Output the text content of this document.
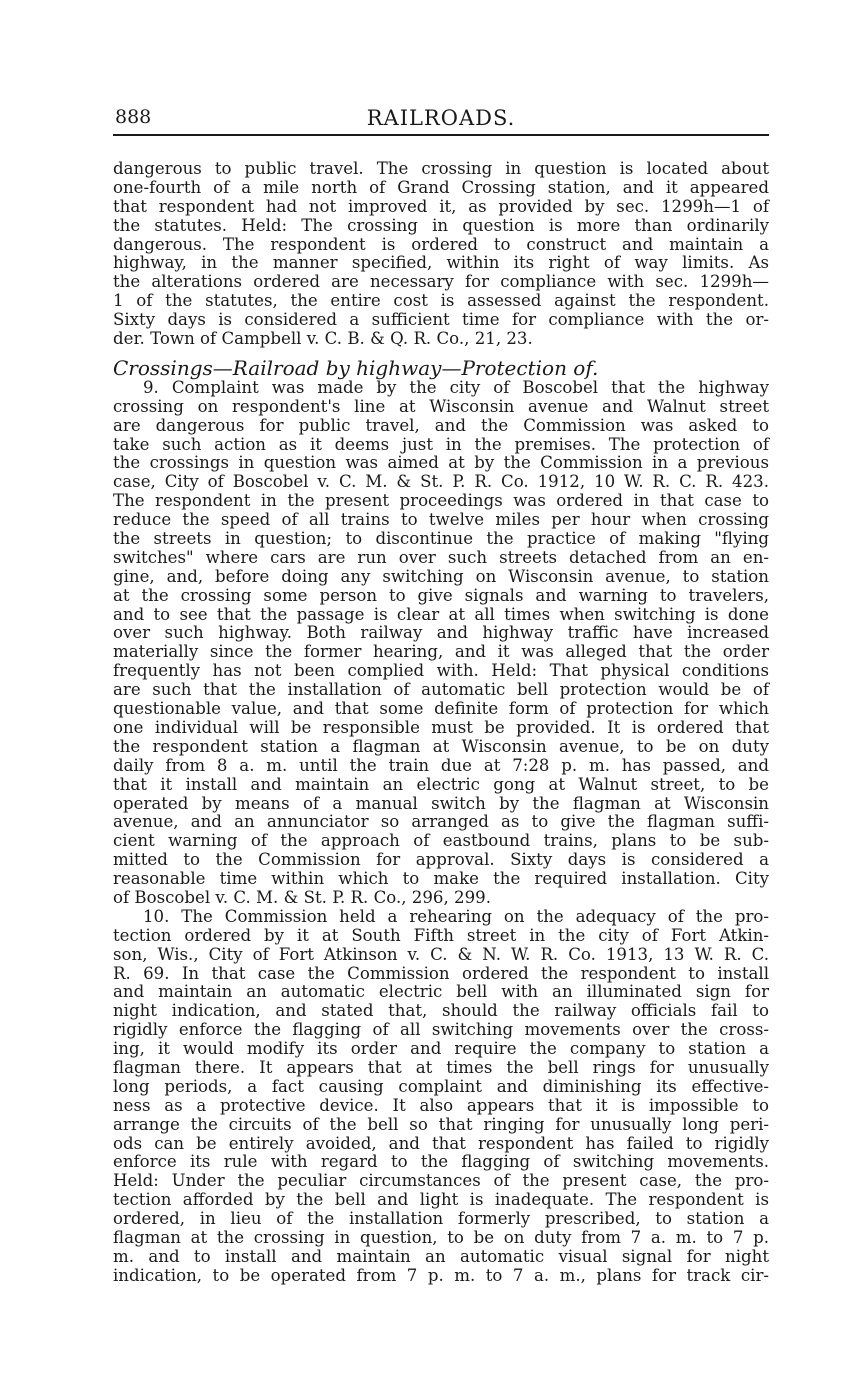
888	RAILROADS.
dangerous to public travel. The crossing in question is located about
one-fourth of a mile north of Grand Crossing station, and it appeared
that respondent had not improved it, as provided by sec. 1299h—1 of
the statutes. Held: The crossing in question is more than ordinarily
dangerous. The respondent is ordered to construct and maintain a
highway, in the manner specified, within its right of way limits. As
the alterations ordered are necessary for compliance with sec. 1299h—
1 of the statutes, the entire cost is assessed against the respondent.
Sixty days is considered a sufficient time for compliance with the or-
der. Town of Campbell v. C. B. & Q. R. Co., 21, 23.
Crossings—Railroad by highway—Protection of.
9. Complaint was made by the city of Boscobel that the highway
crossing on respondent's line at Wisconsin avenue and Walnut street
are dangerous for public travel, and the Commission was asked to
take such action as it deems just in the premises. The protection of
the crossings in question was aimed at by the Commission in a previous
case, City of Boscobel v. C. M. & St. P. R. Co. 1912, 10 W. R. C. R. 423.
The respondent in the present proceedings was ordered in that case to
reduce the speed of all trains to twelve miles per hour when crossing
the streets in question; to discontinue the practice of making "flying
switches" where cars are run over such streets detached from an en-
gine, and, before doing any switching on Wisconsin avenue, to station
at the crossing some person to give signals and warning to travelers,
and to see that the passage is clear at all times when switching is done
over such highway. Both railway and highway traffic have increased
materially since the former hearing, and it was alleged that the order
frequently has not been complied with. Held: That physical conditions
are such that the installation of automatic bell protection would be of
questionable value, and that some definite form of protection for which
one individual will be responsible must be provided. It is ordered that
the respondent station a flagman at Wisconsin avenue, to be on duty
daily from 8 a. m. until the train due at 7:28 p. m. has passed, and
that it install and maintain an electric gong at Walnut street, to be
operated by means of a manual switch by the flagman at Wisconsin
avenue, and an annunciator so arranged as to give the flagman suffi-
cient warning of the approach of eastbound trains, plans to be sub-
mitted to the Commission for approval. Sixty days is considered a
reasonable time within which to make the required installation. City
of Boscobel v. C. M. & St. P. R. Co., 296, 299.
10. The Commission held a rehearing on the adequacy of the pro-
tection ordered by it at South Fifth street in the city of Fort Atkin-
son, Wis., City of Fort Atkinson v. C. & N. W. R. Co. 1913, 13 W. R. C.
R. 69. In that case the Commission ordered the respondent to install
and maintain an automatic electric bell with an illuminated sign for
night indication, and stated that, should the railway officials fail to
rigidly enforce the flagging of all switching movements over the cross-
ing, it would modify its order and require the company to station a
flagman there. It appears that at times the bell rings for unusually
long periods, a fact causing complaint and diminishing its effective-
ness as a protective device. It also appears that it is impossible to
arrange the circuits of the bell so that ringing for unusually long peri-
ods can be entirely avoided, and that respondent has failed to rigidly
enforce its rule with regard to the flagging of switching movements.
Held: Under the peculiar circumstances of the present case, the pro-
tection afforded by the bell and light is inadequate. The respondent is
ordered, in lieu of the installation formerly prescribed, to station a
flagman at the crossing in question, to be on duty from 7 a. m. to 7 p.
m. and to install and maintain an automatic visual signal for night
indication, to be operated from 7 p. m. to 7 a. m., plans for track cir-
